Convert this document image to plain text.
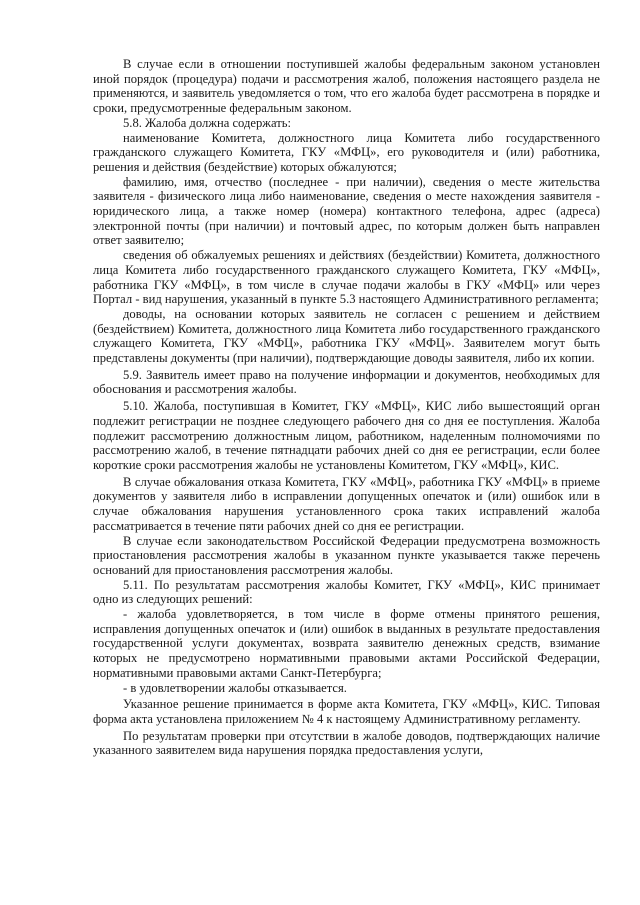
В случае если в отношении поступившей жалобы федеральным законом установлен иной порядок (процедура) подачи и рассмотрения жалоб, положения настоящего раздела не применяются, и заявитель уведомляется о том, что его жалоба будет рассмотрена в порядке и сроки, предусмотренные федеральным законом.

5.8. Жалоба должна содержать:

наименование Комитета, должностного лица Комитета либо государственного гражданского служащего Комитета, ГКУ «МФЦ», его руководителя и (или) работника, решения и действия (бездействие) которых обжалуются;

фамилию, имя, отчество (последнее - при наличии), сведения о месте жительства заявителя - физического лица либо наименование, сведения о месте нахождения заявителя - юридического лица, а также номер (номера) контактного телефона, адрес (адреса) электронной почты (при наличии) и почтовый адрес, по которым должен быть направлен ответ заявителю;

сведения об обжалуемых решениях и действиях (бездействии) Комитета, должностного лица Комитета либо государственного гражданского служащего Комитета, ГКУ «МФЦ», работника ГКУ «МФЦ», в том числе в случае подачи жалобы в ГКУ «МФЦ» или через Портал - вид нарушения, указанный в пункте 5.3 настоящего Административного регламента;

доводы, на основании которых заявитель не согласен с решением и действием (бездействием) Комитета, должностного лица Комитета либо государственного гражданского служащего Комитета, ГКУ «МФЦ», работника ГКУ «МФЦ». Заявителем могут быть представлены документы (при наличии), подтверждающие доводы заявителя, либо их копии.

5.9. Заявитель имеет право на получение информации и документов, необходимых для обоснования и рассмотрения жалобы.

5.10. Жалоба, поступившая в Комитет, ГКУ «МФЦ», КИС либо вышестоящий орган подлежит регистрации не позднее следующего рабочего дня со дня ее поступления. Жалоба подлежит рассмотрению должностным лицом, работником, наделенным полномочиями по рассмотрению жалоб, в течение пятнадцати рабочих дней со дня ее регистрации, если более короткие сроки рассмотрения жалобы не установлены Комитетом, ГКУ «МФЦ», КИС.

В случае обжалования отказа Комитета, ГКУ «МФЦ», работника ГКУ «МФЦ» в приеме документов у заявителя либо в исправлении допущенных опечаток и (или) ошибок или в случае обжалования нарушения установленного срока таких исправлений жалоба рассматривается в течение пяти рабочих дней со дня ее регистрации.

В случае если законодательством Российской Федерации предусмотрена возможность приостановления рассмотрения жалобы в указанном пункте указывается также перечень оснований для приостановления рассмотрения жалобы.

5.11. По результатам рассмотрения жалобы Комитет, ГКУ «МФЦ», КИС принимает одно из следующих решений:

- жалоба удовлетворяется, в том числе в форме отмены принятого решения, исправления допущенных опечаток и (или) ошибок в выданных в результате предоставления государственной услуги документах, возврата заявителю денежных средств, взимание которых не предусмотрено нормативными правовыми актами Российской Федерации, нормативными правовыми актами Санкт-Петербурга;

- в удовлетворении жалобы отказывается.

Указанное решение принимается в форме акта Комитета, ГКУ «МФЦ», КИС. Типовая форма акта установлена приложением № 4 к настоящему Административному регламенту.

По результатам проверки при отсутствии в жалобе доводов, подтверждающих наличие указанного заявителем вида нарушения порядка предоставления услуги,
